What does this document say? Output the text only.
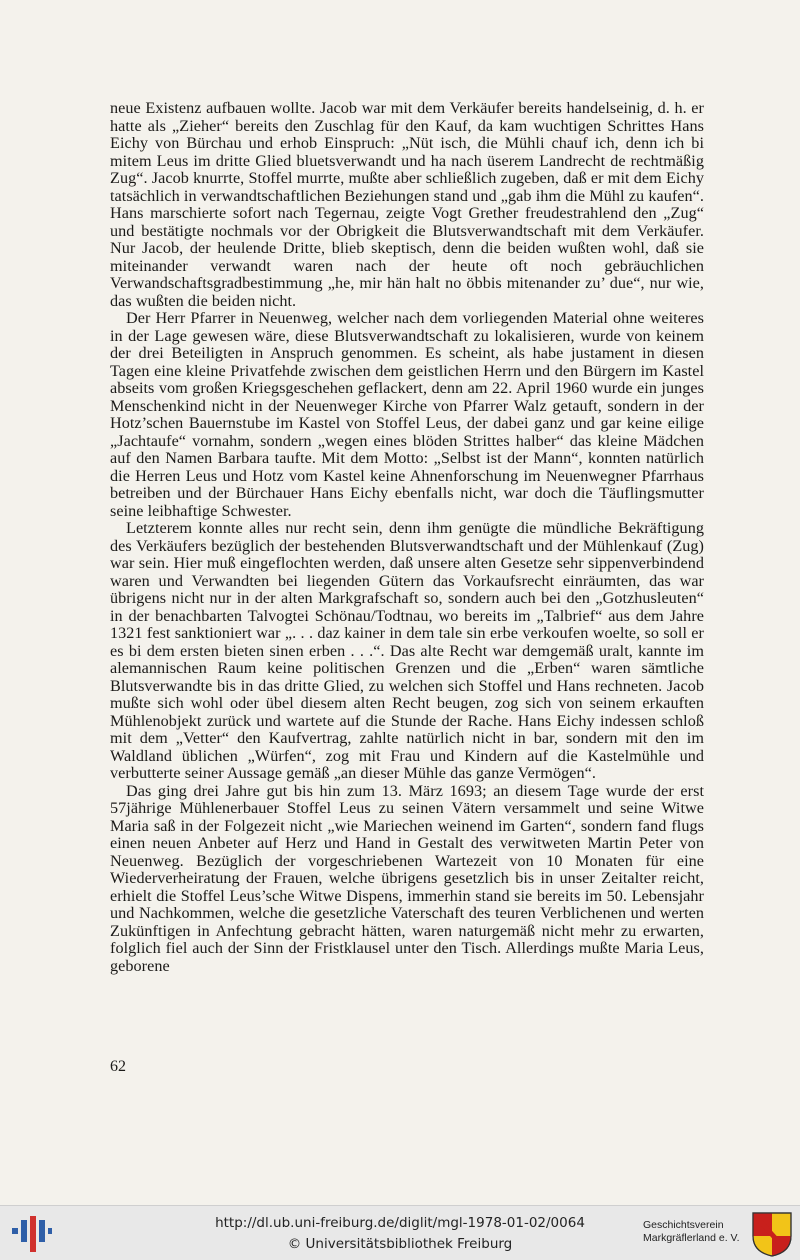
neue Existenz aufbauen wollte. Jacob war mit dem Verkäufer bereits handelseinig, d. h. er hatte als „Zieher“ bereits den Zuschlag für den Kauf, da kam wuchtigen Schrittes Hans Eichy von Bürchau und erhob Einspruch: „Nüt isch, die Mühli chauf ich, denn ich bi mitem Leus im dritte Glied bluetsverwandt und ha nach üserem Landrecht de rechtmäßig Zug“. Jacob knurrte, Stoffel murrte, mußte aber schließlich zugeben, daß er mit dem Eichy tatsächlich in verwandtschaftlichen Beziehungen stand und „gab ihm die Mühl zu kaufen“. Hans marschierte sofort nach Tegernau, zeigte Vogt Grether freudestrahlend den „Zug“ und bestätigte nochmals vor der Obrigkeit die Blutsverwandtschaft mit dem Verkäufer. Nur Jacob, der heulende Dritte, blieb skeptisch, denn die beiden wußten wohl, daß sie miteinander verwandt waren nach der heute oft noch gebräuchlichen Verwandschaftsgradbestimmung „he, mir hän halt no öbbis mitenander zu’ due“, nur wie, das wußten die beiden nicht.

Der Herr Pfarrer in Neuenweg, welcher nach dem vorliegenden Material ohne weiteres in der Lage gewesen wäre, diese Blutsverwandtschaft zu lokalisieren, wurde von keinem der drei Beteiligten in Anspruch genommen. Es scheint, als habe justament in diesen Tagen eine kleine Privatfehde zwischen dem geistlichen Herrn und den Bürgern im Kastel abseits vom großen Kriegsgeschehen geflackert, denn am 22. April 1960 wurde ein junges Menschenkind nicht in der Neuenweger Kirche von Pfarrer Walz getauft, sondern in der Hotz’schen Bauernstube im Kastel von Stoffel Leus, der dabei ganz und gar keine eilige „Jachtaufe“ vornahm, sondern „wegen eines blöden Strittes halber“ das kleine Mädchen auf den Namen Barbara taufte. Mit dem Motto: „Selbst ist der Mann“, konnten natürlich die Herren Leus und Hotz vom Kastel keine Ahnenforschung im Neuenwegner Pfarrhaus betreiben und der Bürchauer Hans Eichy ebenfalls nicht, war doch die Täuflingsmutter seine leibhaftige Schwester.

Letzterem konnte alles nur recht sein, denn ihm genügte die mündliche Bekräftigung des Verkäufers bezüglich der bestehenden Blutsverwandtschaft und der Mühlenkauf (Zug) war sein. Hier muß eingeflochten werden, daß unsere alten Gesetze sehr sippenverbindend waren und Verwandten bei liegenden Gütern das Vorkaufsrecht einräumten, das war übrigens nicht nur in der alten Markgrafschaft so, sondern auch bei den „Gotzhusleuten“ in der benachbarten Talvogtei Schönau/Todtnau, wo bereits im „Talbrief“ aus dem Jahre 1321 fest sanktioniert war „. . . daz kainer in dem tale sin erbe verkoufen woelte, so soll er es bi dem ersten bieten sinen erben . . .“. Das alte Recht war demgemäß uralt, kannte im alemannischen Raum keine politischen Grenzen und die „Erben“ waren sämtliche Blutsverwandte bis in das dritte Glied, zu welchen sich Stoffel und Hans rechneten. Jacob mußte sich wohl oder übel diesem alten Recht beugen, zog sich von seinem erkauften Mühlenobjekt zurück und wartete auf die Stunde der Rache. Hans Eichy indessen schloß mit dem „Vetter“ den Kaufvertrag, zahlte natürlich nicht in bar, sondern mit den im Waldland üblichen „Würfen“, zog mit Frau und Kindern auf die Kastelmühle und verbutterte seiner Aussage gemäß „an dieser Mühle das ganze Vermögen“.

Das ging drei Jahre gut bis hin zum 13. März 1693; an diesem Tage wurde der erst 57jährige Mühlenerbauer Stoffel Leus zu seinen Vätern versammelt und seine Witwe Maria saß in der Folgezeit nicht „wie Mariechen weinend im Garten“, sondern fand flugs einen neuen Anbeter auf Herz und Hand in Gestalt des verwitweten Martin Peter von Neuenweg. Bezüglich der vorgeschriebenen Wartezeit von 10 Monaten für eine Wiederverheiratung der Frauen, welche übrigens gesetzlich bis in unser Zeitalter reicht, erhielt die Stoffel Leus’sche Witwe Dispens, immerhin stand sie bereits im 50. Lebensjahr und Nachkommen, welche die gesetzliche Vaterschaft des teuren Verblichenen und werten Zukünftigen in Anfechtung gebracht hätten, waren naturgemäß nicht mehr zu erwarten, folglich fiel auch der Sinn der Fristklausel unter den Tisch. Allerdings mußte Maria Leus, geborene

62
http://dl.ub.uni-freiburg.de/diglit/mgl-1978-01-02/0064
© Universitätsbibliothek Freiburg
Geschichtsverein
Markgräflerland e. V.
